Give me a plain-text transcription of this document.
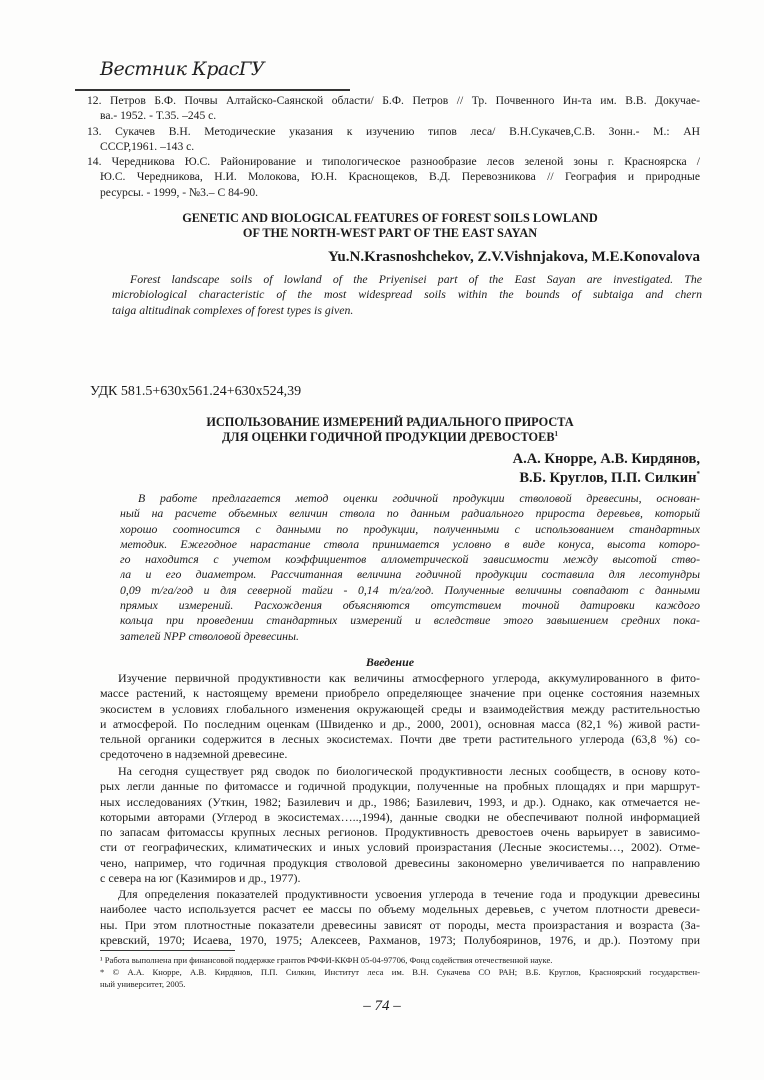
Вестник КрасГУ
12. Петров Б.Ф. Почвы Алтайско-Саянской области/ Б.Ф. Петров // Тр. Почвенного Ин-та им. В.В. Докучае-
ва.- 1952. - Т.35. –245 с.
13. Сукачев В.Н. Методические указания к изучению типов леса/ В.Н.Сукачев,С.В. Зонн.- М.: АН
СССР,1961. –143 с.
14. Чередникова Ю.С. Районирование и типологическое разнообразие лесов зеленой зоны г. Красноярска /
Ю.С. Чередникова, Н.И. Молокова, Ю.Н. Краснощеков, В.Д. Перевозникова // География и природные
ресурсы. - 1999, - №3.– С 84-90.
GENETIC AND BIOLOGICAL FEATURES OF FOREST SOILS LOWLAND
OF THE NORTH-WEST PART OF THE EAST SAYAN
Yu.N.Krasnoshchekov, Z.V.Vishnjakova, M.E.Konovalova
Forest landscape soils of lowland of the Priyenisei part of the East Sayan are investigated. The
microbiological characteristic of the most widespread soils within the bounds of subtaiga and chern
taiga altitudinak complexes of forest types is given.
УДК 581.5+630х561.24+630х524,39
ИСПОЛЬЗОВАНИЕ ИЗМЕРЕНИЙ РАДИАЛЬНОГО ПРИРОСТА
ДЛЯ ОЦЕНКИ ГОДИЧНОЙ ПРОДУКЦИИ ДРЕВОСТОЕВ$^1$
А.А. Кнорре, А.В. Кирдянов,
В.Б. Круглов, П.П. Силкин*
В работе предлагается метод оценки годичной продукции стволовой древесины, основан-
ный на расчете объемных величин ствола по данным радиального прироста деревьев, который
хорошо соотносится с данными по продукции, полученными с использованием стандартных
методик. Ежегодное нарастание ствола принимается условно в виде конуса, высота которо-
го находится с учетом коэффициентов аллометрической зависимости между высотой ство-
ла и его диаметром. Рассчитанная величина годичной продукции составила для лесотундры
0,09 т/га/год и для северной тайги - 0,14 т/га/год. Полученные величины совпадают с данными
прямых измерений. Расхождения объясняются отсутствием точной датировки каждого
кольца при проведении стандартных измерений и вследствие этого завышением средних пока-
зателей NPP стволовой древесины.
Введение
Изучение первичной продуктивности как величины атмосферного углерода, аккумулированного в фито-
массе растений, к настоящему времени приобрело определяющее значение при оценке состояния наземных
экосистем в условиях глобального изменения окружающей среды и взаимодействия между растительностью
и атмосферой. По последним оценкам (Швиденко и др., 2000, 2001), основная масса (82,1 %) живой расти-
тельной органики содержится в лесных экосистемах. Почти две трети растительного углерода (63,8 %) со-
средоточено в надземной древесине.
На сегодня существует ряд сводок по биологической продуктивности лесных сообществ, в основу кото-
рых легли данные по фитомассе и годичной продукции, полученные на пробных площадях и при маршрут-
ных исследованиях (Уткин, 1982; Базилевич и др., 1986; Базилевич, 1993, и др.). Однако, как отмечается не-
которыми авторами (Углерод в экосистемах…..,1994), данные сводки не обеспечивают полной информацией
по запасам фитомассы крупных лесных регионов. Продуктивность древостоев очень варьирует в зависимо-
сти от географических, климатических и иных условий произрастания (Лесные экосистемы…, 2002). Отме-
чено, например, что годичная продукция стволовой древесины закономерно увеличивается по направлению
с севера на юг (Казимиров и др., 1977).
Для определения показателей продуктивности усвоения углерода в течение года и продукции древесины
наиболее часто используется расчет ее массы по объему модельных деревьев, с учетом плотности древеси-
ны. При этом плотностные показатели древесины зависят от породы, места произрастания и возраста (За-
кревский, 1970; Исаева, 1970, 1975; Алексеев, Рахманов, 1973; Полубояринов, 1976, и др.). Поэтому при
¹ Работа выполнена при финансовой поддержке грантов РФФИ-ККФН 05-04-97706, Фонд содействия отечественной науке.
* © А.А. Кнорре, А.В. Кирдянов, П.П. Силкин, Институт леса им. В.Н. Сукачева СО РАН; В.Б. Круглов, Красноярский государствен-
ный университет, 2005.
– 74 –
